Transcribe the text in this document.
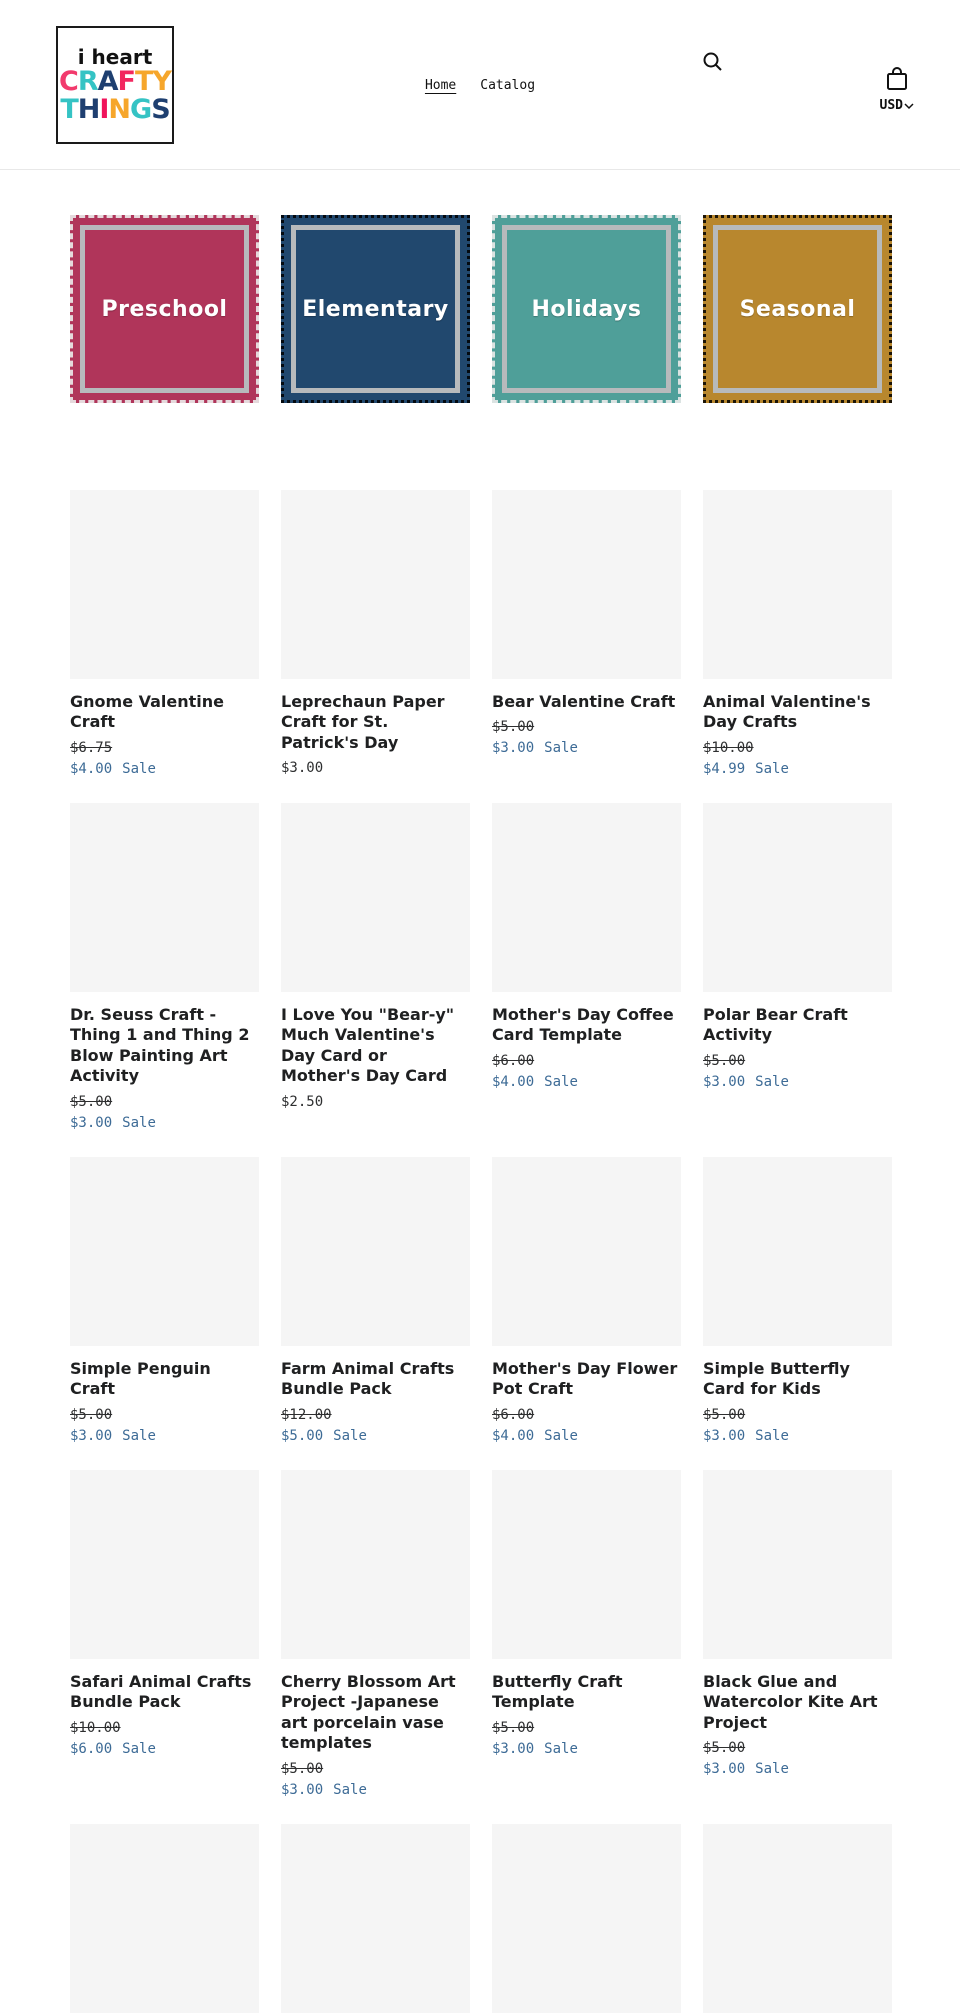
i heart
CRAFTY
THINGS
Home Catalog
USD
Preschool	Elementary	Holidays	Seasonal
Gnome Valentine Craft
$6.75
$4.00 Sale
Leprechaun Paper Craft for St. Patrick's Day
$3.00
Bear Valentine Craft
$5.00
$3.00 Sale
Animal Valentine's Day Crafts
$10.00
$4.99 Sale
Dr. Seuss Craft - Thing 1 and Thing 2 Blow Painting Art Activity
$5.00
$3.00 Sale
I Love You "Bear-y" Much Valentine's Day Card or Mother's Day Card
$2.50
Mother's Day Coffee Card Template
$6.00
$4.00 Sale
Polar Bear Craft Activity
$5.00
$3.00 Sale
Simple Penguin Craft
$5.00
$3.00 Sale
Farm Animal Crafts Bundle Pack
$12.00
$5.00 Sale
Mother's Day Flower Pot Craft
$6.00
$4.00 Sale
Simple Butterfly Card for Kids
$5.00
$3.00 Sale
Safari Animal Crafts Bundle Pack
$10.00
$6.00 Sale
Cherry Blossom Art Project -Japanese art porcelain vase templates
$5.00
$3.00 Sale
Butterfly Craft Template
$5.00
$3.00 Sale
Black Glue and Watercolor Kite Art Project
$5.00
$3.00 Sale
